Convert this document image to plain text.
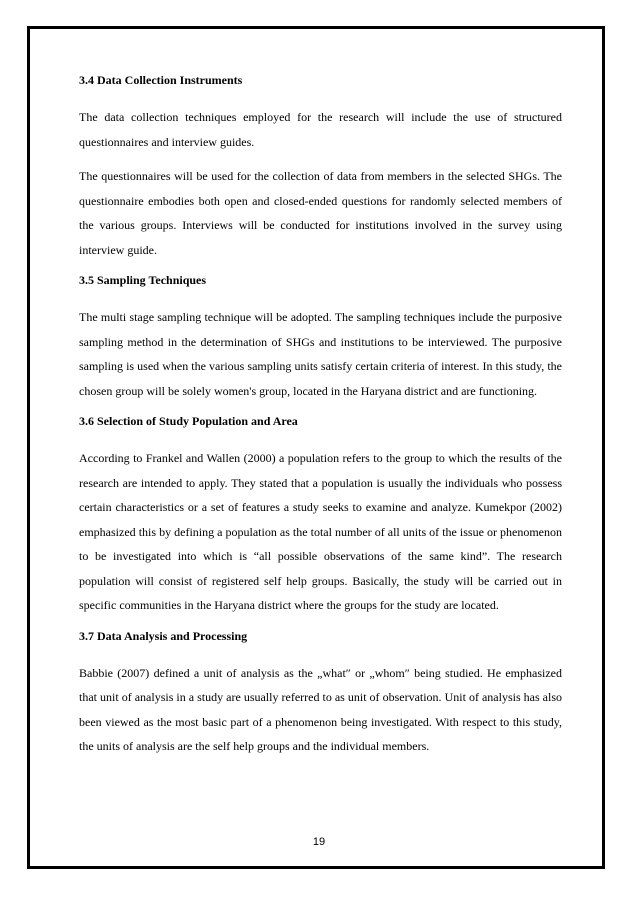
3.4 Data Collection Instruments

The data collection techniques employed for the research will include the use of structured questionnaires and interview guides.

The questionnaires will be used for the collection of data from members in the selected SHGs. The questionnaire embodies both open and closed-ended questions for randomly selected members of the various groups. Interviews will be conducted for institutions involved in the survey using interview guide.

3.5 Sampling Techniques

The multi stage sampling technique will be adopted. The sampling techniques include the purposive sampling method in the determination of SHGs and institutions to be interviewed. The purposive sampling is used when the various sampling units satisfy certain criteria of interest. In this study, the chosen group will be solely women's group, located in the Haryana district and are functioning.

3.6 Selection of Study Population and Area

According to Frankel and Wallen (2000) a population refers to the group to which the results of the research are intended to apply. They stated that a population is usually the individuals who possess certain characteristics or a set of features a study seeks to examine and analyze. Kumekpor (2002) emphasized this by defining a population as the total number of all units of the issue or phenomenon to be investigated into which is “all possible observations of the same kind”. The research population will consist of registered self help groups. Basically, the study will be carried out in specific communities in the Haryana district where the groups for the study are located.

3.7 Data Analysis and Processing

Babbie (2007) defined a unit of analysis as the „what″ or „whom″ being studied. He emphasized that unit of analysis in a study are usually referred to as unit of observation. Unit of analysis has also been viewed as the most basic part of a phenomenon being investigated. With respect to this study, the units of analysis are the self help groups and the individual members.

19
